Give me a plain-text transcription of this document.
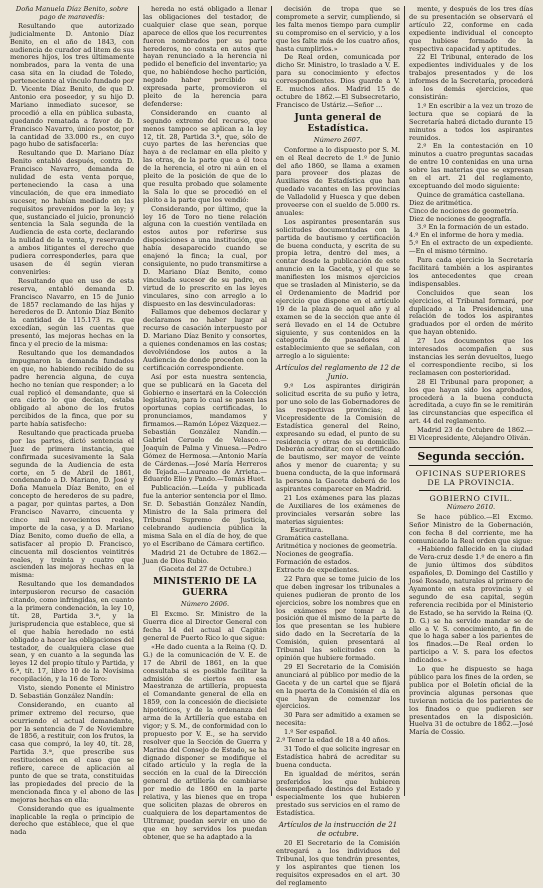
Doña Manuela Díaz Benito, sobre pago de maravedís:

Resultando que autorizado judicialmente D. Antonio Díaz Benito, en el año de 1843, con audiencia de curador ad litem de sus menores hijos, los tres últimamente nombrados, para la venta de una casa sita en la ciudad de Toledo, perteneciente al vínculo fundado por D. Vicente Díaz Benito, de que D. Antonio era poseedor, y su hijo D. Mariano inmediato sucesor, se procedió a ella en pública subasta, quedando rematada a favor de D. Francisco Navarro, único postor, por la cantidad de 33.000 rs., en cuyo pago hubo de satisfacerla:

Resultando que D. Mariano Díaz Benito entabló después, contra D. Francisco Navarro, demanda de nulidad de esta venta porque, perteneciendo la casa a una vinculación, de que era inmediato sucesor, no habían mediado en las requisitos prevenidos por la ley; y que, sustanciado el juicio, pronunció sentencia la Sala segunda de la Audiencia de esta corte, declarando la nulidad de la venta, y reservando a ambos litigantes el derecho que pudiera corresponderles, para que usasen de él según vieran convenirles:

Resultando que en uso de esta reserva, entabló demanda D. Francisco Navarro, en 15 de Junio de 1857 reclamando de las hijas y herederos de D. Antonio Díaz Benito la cantidad de 115.173 rs. que excedían, según las cuentas que presentó, las mejoras hechas en la finca y el precio de la misma:

Resultando que los demandados impugnaron la demanda fundados en que, no habiendo recibido de su padre herencia alguna, de cuya hecho no tenían que responder; a lo cual replicó el demandante, que si era cierto lo que decían, estaba obligado al abono de los frutos percibidos de la finca, que por su parte había satisfecho:

Resultando que practicada prueba por las partes, dictó sentencia el Juez de primera instancia, que confirmada sucesivamente la Sala segunda de la Audiencia de esta corte, en 5 de Abril de 1861, condenando a D. Mariano, D. José y Doña Manuela Díaz Benito, en el concepto de herederos de su padre, a pagar, por quintas partes, a Don Francisco Navarro, cincuenta y cinco mil novecientos reales, importe de la casa, y a D. Mariano Díaz Benito, como dueño de ella, a satisfacer al propio D. Francisco, cincuenta mil doscientos veintitrés reales, y treinta y cuatro que ascienden las mejoras hechas en la misma:

Resultando que los demandados interpusieron recurso de casación citando, como infringidas, en cuanto a la primera condenación, la ley 10, tít. 28, Partida 3.ª, y la jurisprudencia que establece, que si el que había heredado no está obligado a hacer las obligaciones del testador, de cualquiera clase que sean, y en cuanto a la segunda las leyes 12 del propio título y Partida, y 6.ª, tít. 17, libro 10 de la Novísima recopilación, y la 16 de Toro:

Visto, siendo Ponente el Ministro D. Sebastián González Nandín:

Considerando, en cuanto al primer extremo del recurso, que ocurriendo el actual demandante, por la sentencia de 7 de Noviembre de 1856, a restituir, con los frutos, la casa que compró, la ley 40, tít. 28, Partida 3.ª, que prescribe sus restituciones en el caso que se refiere, carece de aplicación al punto de que se trata, constituidas las propiedades del precio de la mencionada finca y el abono de las mejoras hechas en ella:

Considerando que es igualmente inaplicable la regla o principio de derecho que establece, que el que nada

hereda no está obligado a llenar las obligaciones del testador, de cualquier clase que sean, porque aparece de ellos que los recurrentes fueron nombrados por su parte herederos, no consta en autos que hayan renunciado a la herencia ni pedido el beneficio del inventario; ya que, no habiéndose hecho partición, negado haber percibido su expresada parte, promovieron el pleito de la herencia para defenderse:

Considerando en cuanto al segundo extremo del recurso, que menos tampoco se aplican a la ley 12, tít. 28, Partida 3.ª, que, sólo de cuyo partes de las herencias que haya a de reclamar en ella pleito y las otras, de la parte que a él toca de la herencia, el otro ni aún en el pleito de la posición de que de lo que resulta probado que solamente la Sala lo que se procedió en el pleito a la parte que los vendió:

Considerando, por último, que la ley 16 de Toro no tiene relación alguna con la cuestión ventilada en estos autos por referirse sus disposiciones a una institución, que había desaparecido cuando se enajenó la finca; la cual, por consiguiente, no pudo transmitirse a D. Mariano Díaz Benito, como vinculada sucesor de su padre, en virtud de lo prescrito en las leyes vinculares, sino con arreglo a lo dispuesto en las desvinculadoras:

Fallamos que debemos declarar y declaramos no haber lugar al recurso de casación interpuesto por D. Mariano Díaz Benito y consortes, a quienes condenamos en las costas; devolviéndose los autos a la Audiencia de donde proceden con la certificación correspondiente.

Así por esta nuestra sentencia, que se publicará en la Gaceta del Gobierno e insertará en la Colección legislativa, para lo cual se pasen las oportunas copias certificadas, lo pronunciamos, mandamos y firmamos.—Ramón López Vázquez.—Sebastián González Nandín.—Gabriel Ceruelo de Velasco.—Joaquín de Palma y Vinuesa.—Pedro Gómez de Hermosa.—Antonio María de Cárdenas.—José María Herreros de Tejada.—Laureano de Arrieta.—Eduardo Elio y Pando.—Tomás Huet.

Publicación.—Leída y publicada fue la anterior sentencia por el Ilmo. Sr. D. Sebastián González Nandín, Ministro de la Sala primera del Tribunal Supremo de Justicia, celebrando audiencia pública la misma Sala en el día de hoy, de que yo el Escribano de Cámara certifico.

Madrid 21 de Octubre de 1862.—Juan de Dios Rubio.

(Gaceta del 27 de Octubre.)

MINISTERIO DE LA GUERRA
Número 2606.

El Excmo. Sr. Ministro de la Guerra dice al Director General con fecha 14 del actual al Capitán general de Puerto Rico lo que sigue:

«He dado cuenta a la Reina (Q. D. G.) de la comunicación de V. E. de 17 de Abril de 1861, en la que consultaba si es posible facilitar la admisión de ciertos en esa Maestranza de artillería, propuesta el Comandante general de ella en 1859, con la concesión de diecisiete hipotéticos, y de la ordenanza del arma de la Artillería que estaba en vigor; y S. M., de conformidad con lo propuesto por V. E., se ha servido resolver que la Sección de Guerra y Marina del Consejo de Estado, se ha dignado disponer se modifique el citado artículo y la regla de la sección en la cual de la Dirección general de artillería de cambiarse por medio de 1860 en la parte relativa, y las bienes que en tropa que soliciten plazas de obreros en cualquiera de los departamentos de Ultramar, puedan servir en uno de que en hoy servidos los puedan obtener, que se ha adaptado a la

decisión de tropa que se compromete a servir, cumpliendo, si les falta menos tiempo para cumplir su compromiso en el servicio, y a los que les falte más de los cuatro años, hasta cumplirlos.»

De Real orden, comunicada por dicho Sr. Ministro, lo traslado a V. E. para su conocimiento y efectos correspondientes. Dios guarde a V. E. muchos años. Madrid 15 de octubre de 1862.—El Subsecretario, Francisco de Ustáriz.—Señor …

Junta general de Estadística.
Número 2607.

Conforme a lo dispuesto por S. M. en el Real decreto de 1.º de Junio del año 1860, se llama a examen para proveer dos plazas de Auxiliares de Estadística que han quedado vacantes en las provincias de Valladolid y Huesca y que deben proveerse con el sueldo de 5.000 rs. anuales:

Los aspirantes presentarán sus solicitudes documentadas con la partida de bautismo y certificación de buena conducta, y escrita de su propia letra, dentro del mes, a contar desde la publicación de este anuncio en la Gaceta, y el que se manifiesten los mismos ejercicios que se trasladen al Ministerio, se da el Ordenamiento de Madrid por ejercicio que dispone en el artículo 19 de la plaza de aquel año y al examen se de la sección que ante él será llevado en el 14 de Octubre siguiente, y sus contenidos en la categoría de pasadores al establecimiento que se señalan, con arreglo a lo siguiente:

Artículos del reglamento de 12 de Junio.

9.º Los aspirantes dirigirán solicitud escrita de su puño y letra, por uno solo de las Gobernadores de las respectivas provincias; al Vicepresidente de la Comisión de Estadística general del Reino, expresando su edad, el punto de su residencia y otras de su domicilio. Deberán acreditar, con el certificado de bautismo, ser mayor de veinte años y menor de cuarenta; y su buena conducta, de la que informará la persona la Gaceta deberá de los aspirantes comparecer en Madrid.

21 Los exámenes para las plazas de Auxiliares de los exámenes de provinciales versarán sobre las materias siguientes:

Escritura.
Gramática castellana.
Aritmética y nociones de geometría.
Nociones de geografía.
Formación de estados.
Extracto de expedientes.

22 Para que se tome juicio de los que deben ingresar los tribunales a quienes pudieran de pronto de los ejercicios, sobre los nombres que en los exámenes por tomar a la posición que él mismo de la parte de los que presentan se les hubiere sido dado en la Secretaría de la Comisión, quien presentará al Tribunal las solicitudes con la opinión que hubiere formado.

29 El Secretario de la Comisión anunciará al público por medio de la Gaceta y de un cartel que se fijará en la puerta de la Comisión el día en que hayan de comenzar los ejercicios.

30 Para ser admitido a examen se necesita:

1.º Ser español.
2.º Tener la edad de 18 a 40 años.

31 Todo el que solicite ingresar en Estadística habrá de acreditar su buena conducta.

En igualdad de méritos, serán preferidos los que hubieren desempeñado destinos del Estado y especialmente los que hubieren prestado sus servicios en el ramo de Estadística.

Artículos de la instrucción de 21 de octubre.

20 El Secretario de la Comisión entregará a los individuos del Tribunal, los que tendrán presentes, y los aspirantes que tienen los requisitos expresados en el art. 30 del reglamento

mente, y después de los tres días de su presentación se observará el artículo 22, conforme en cada expediente individual el concepto que hubiese formado de la respectiva capacidad y aptitudes.

22 El Tribunal, enterado de los expedientes individuales y de los trabajos presentados y de los informes de la Secretaría, procederá a los demás ejercicios, que consistirán:

1.º En escribir a la vez un trozo de lectura que se copiará de la Secretaría habrá dictado durante 15 minutos a todos los aspirantes reunidos.

2.º En la contestación en 10 minutos a cuatro preguntas sacadas de entre 10 contenidas en una urna sobre las materias que se expresan en el art. 21 del reglamento, exceptuando del modo siguiente:

Quince de gramática castellana.
Diez de aritmética.
Cinco de nociones de geometría.
Diez de nociones de geografía.

3.º En la formación de un estado.
4.º En el informe de hora y media.
5.º En el extracto de un expediente.—En el mismo término.

Para cada ejercicio la Secretaría facilitará también a los aspirantes los antecedentes que crean indispensables.

Concluidos que sean los ejercicios, el Tribunal formará, por duplicado a la Presidencia, una relación de todos los aspirantes graduados por el orden de mérito que hayan obtenido.

27 Los documentos que los interesados acompañen a sus instancias les serán devueltos, luego el correspondiente recibo, si los reclamasen con posterioridad.

28 El Tribunal para proponer, a los que hayan sido los aprobados, procederá a la buena conducta acreditada, a cuyo fin se le remitirán las circunstancias que especifica el art. 44 del reglamento.

Madrid 23 de Octubre de 1862.—El Vicepresidente, Alejandro Oliván.

Segunda sección.
OFICINAS SUPERIORES DE LA PROVINCIA.
GOBIERNO CIVIL.
Número 2610.

Se hace público.—El Excmo. Señor Ministro de la Gobernación, con fecha 8 del corriente, me ha comunicado la Real orden que sigue:

«Habiendo fallecido en la ciudad de Vera-cruz desde 1.º de enero a fin de junio últimos dos súbditos españoles, D. Domingo del Castillo y José Rosado, naturales al primero de Ayamonte en esta provincia y el segundo de esa capital, según referencia recibida por el Ministerio de Estado, se ha servido la Reina (Q. D. G.) se ha servido mandar se de ello a V. S. conocimiento, a fin de que lo haga saber a los parientes de los finados.—De Real orden lo participo a V. S. para los efectos indicados.»

Lo que he dispuesto se haga público para los fines de la orden, se publica por el Boletín oficial de la provincia algunas personas que tuvieran noticia de los parientes de los finados o que pudieren ser presentados en la disposición. Huelva 31 de octubre de 1862.—José María de Cossio.
